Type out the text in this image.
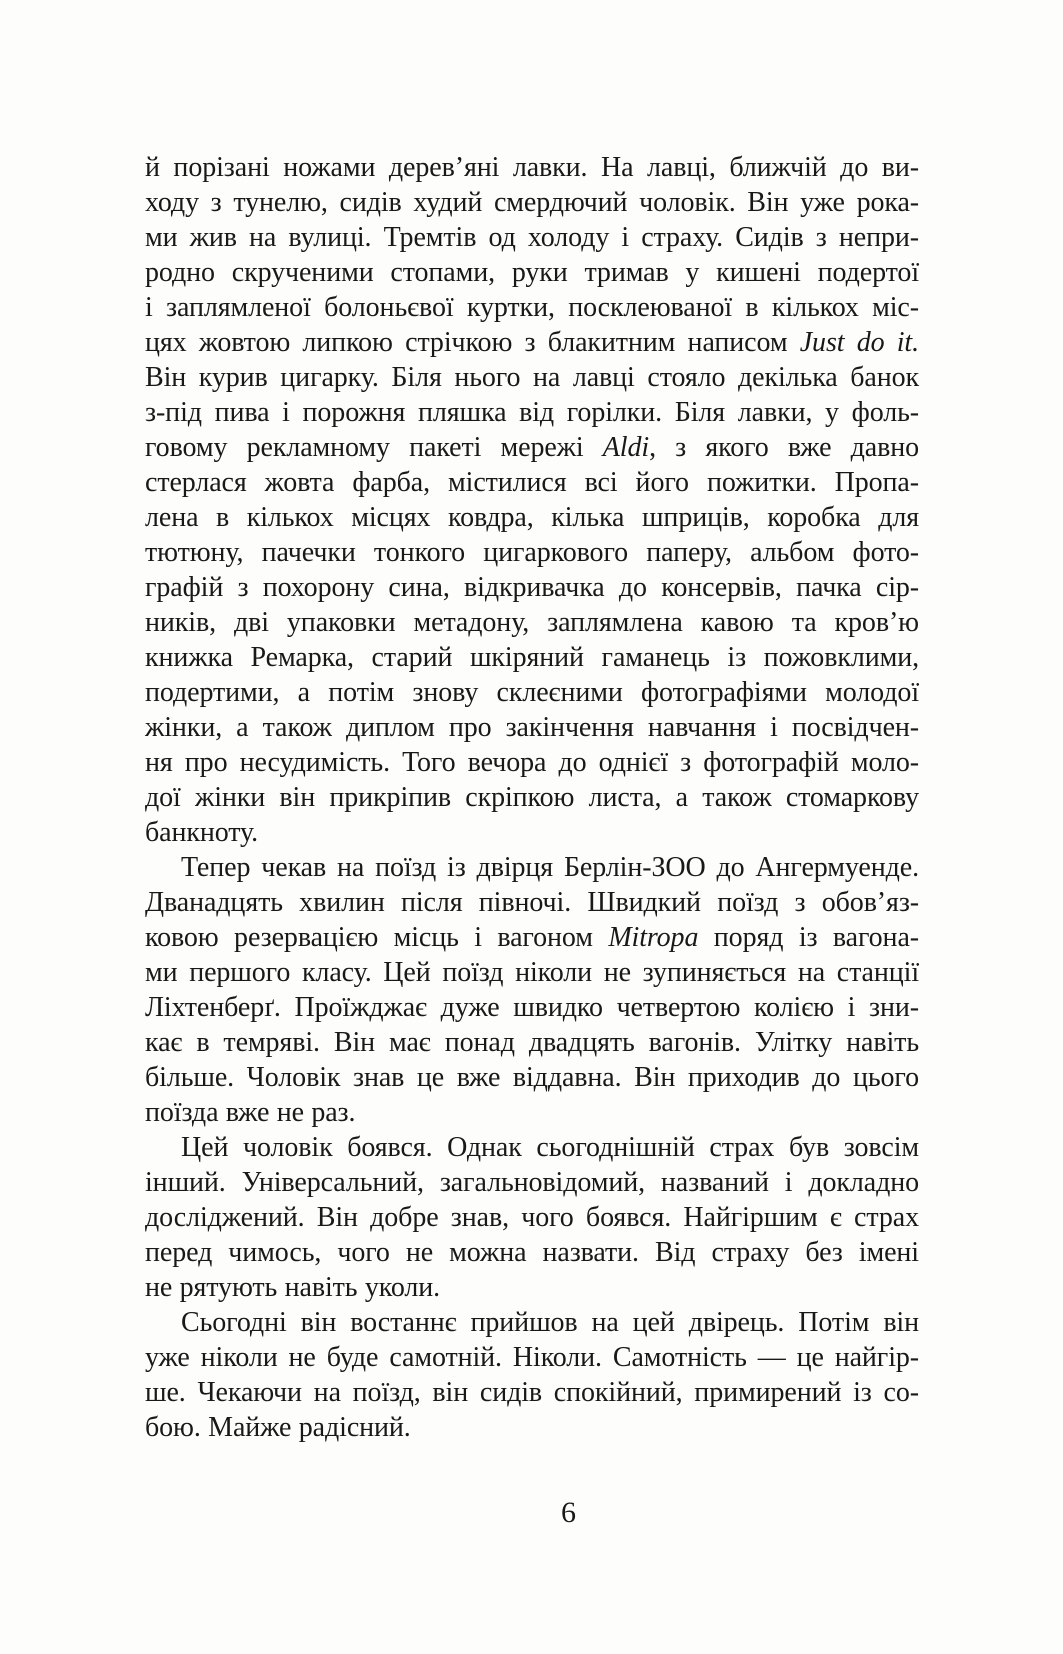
й порізані ножами дерев’яні лавки. На лавці, ближчій до ви-
ходу з тунелю, сидів худий смердючий чоловік. Він уже рока-
ми жив на вулиці. Тремтів од холоду і страху. Сидів з непри-
родно скрученими стопами, руки тримав у кишені подертої
і заплямленої болоньєвої куртки, посклеюваної в кількох міс-
цях жовтою липкою стрічкою з блакитним написом Just do it.
Він курив цигарку. Біля нього на лавці стояло декілька банок
з-під пива і порожня пляшка від горілки. Біля лавки, у фоль-
говому рекламному пакеті мережі Aldi, з якого вже давно
стерлася жовта фарба, містилися всі його пожитки. Пропа-
лена в кількох місцях ковдра, кілька шприців, коробка для
тютюну, пачечки тонкого цигаркового паперу, альбом фото-
графій з похорону сина, відкривачка до консервів, пачка сір-
ників, дві упаковки метадону, заплямлена кавою та кров’ю
книжка Ремарка, старий шкіряний гаманець із пожовклими,
подертими, а потім знову склеєними фотографіями молодої
жінки, а також диплом про закінчення навчання і посвідчен-
ня про несудимість. Того вечора до однієї з фотографій моло-
дої жінки він прикріпив скріпкою листа, а також стомаркову
банкноту.
Тепер чекав на поїзд із двірця Берлін-ЗОО до Ангермуенде.
Дванадцять хвилин після півночі. Швидкий поїзд з обов’яз-
ковою резервацією місць і вагоном Mitropa поряд із вагона-
ми першого класу. Цей поїзд ніколи не зупиняється на станції
Ліхтенберґ. Проїжджає дуже швидко четвертою колією і зни-
кає в темряві. Він має понад двадцять вагонів. Улітку навіть
більше. Чоловік знав це вже віддавна. Він приходив до цього
поїзда вже не раз.
Цей чоловік боявся. Однак сьогоднішній страх був зовсім
інший. Універсальний, загальновідомий, названий і докладно
досліджений. Він добре знав, чого боявся. Найгіршим є страх
перед чимось, чого не можна назвати. Від страху без імені
не рятують навіть уколи.
Сьогодні він востаннє прийшов на цей двірець. Потім він
уже ніколи не буде самотній. Ніколи. Самотність — це найгір-
ше. Чекаючи на поїзд, він сидів спокійний, примирений із со-
бою. Майже радісний.
6
